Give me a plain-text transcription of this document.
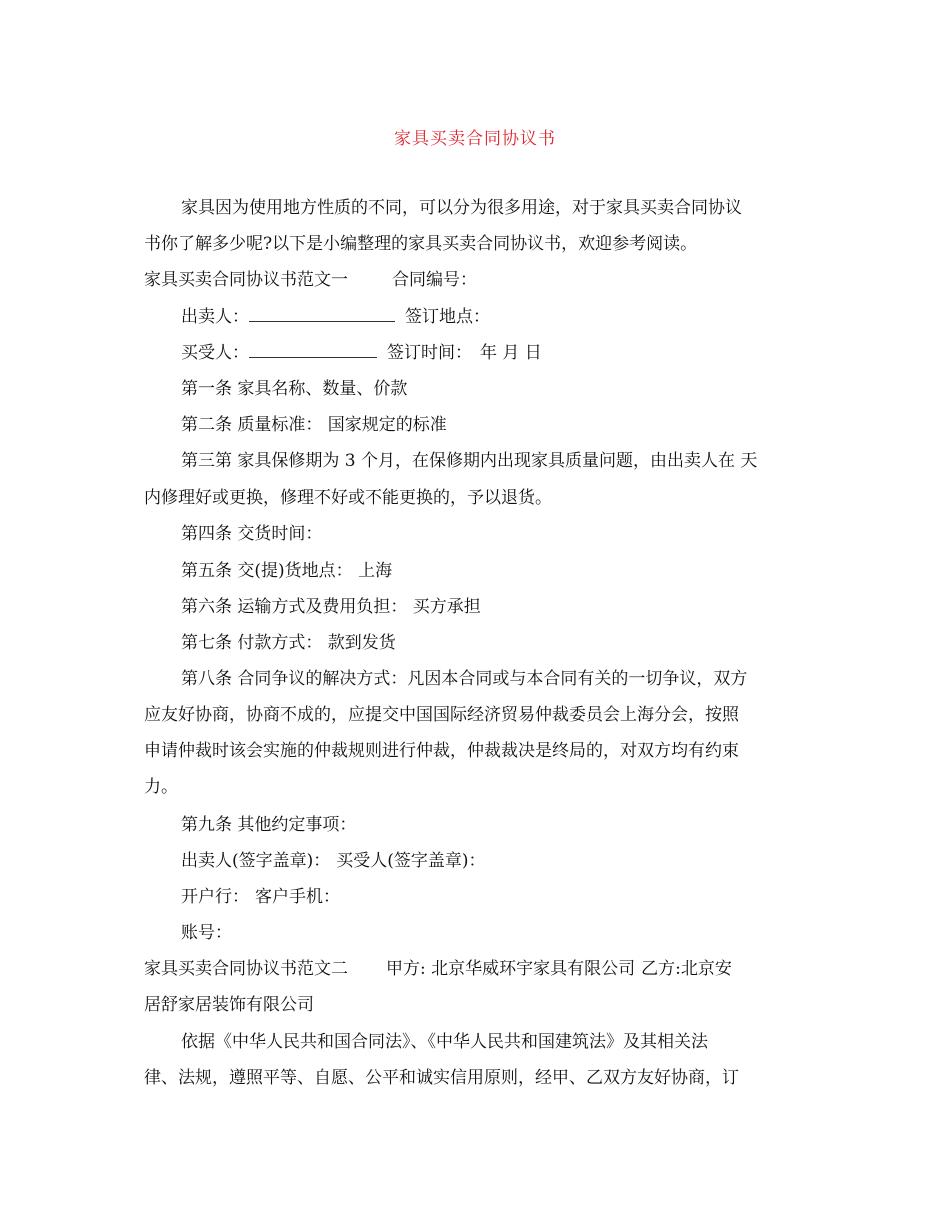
家具买卖合同协议书
家具因为使用地方性质的不同，可以分为很多用途，对于家具买卖合同协议
书你了解多少呢?以下是小编整理的家具买卖合同协议书，欢迎参考阅读。
家具买卖合同协议书范文一	合同编号：
出卖人：	签订地点：
买受人：	签订时间： 年 月 日
第一条 家具名称、数量、价款
第二条 质量标准： 国家规定的标准
第三第 家具保修期为 3 个月，在保修期内出现家具质量问题，由出卖人在 天
内修理好或更换，修理不好或不能更换的，予以退货。
第四条 交货时间：
第五条 交(提)货地点： 上海
第六条 运输方式及费用负担： 买方承担
第七条 付款方式： 款到发货
第八条 合同争议的解决方式：凡因本合同或与本合同有关的一切争议，双方
应友好协商，协商不成的，应提交中国国际经济贸易仲裁委员会上海分会，按照
申请仲裁时该会实施的仲裁规则进行仲裁，仲裁裁决是终局的，对双方均有约束
力。
第九条 其他约定事项：
出卖人(签字盖章)： 买受人(签字盖章)：
开户行： 客户手机：
账号：
家具买卖合同协议书范文二 甲方: 北京华威环宇家具有限公司 乙方:北京安
居舒家居装饰有限公司
依据《中华人民共和国合同法》、《中华人民共和国建筑法》及其相关法
律、法规，遵照平等、自愿、公平和诚实信用原则，经甲、乙双方友好协商，订
